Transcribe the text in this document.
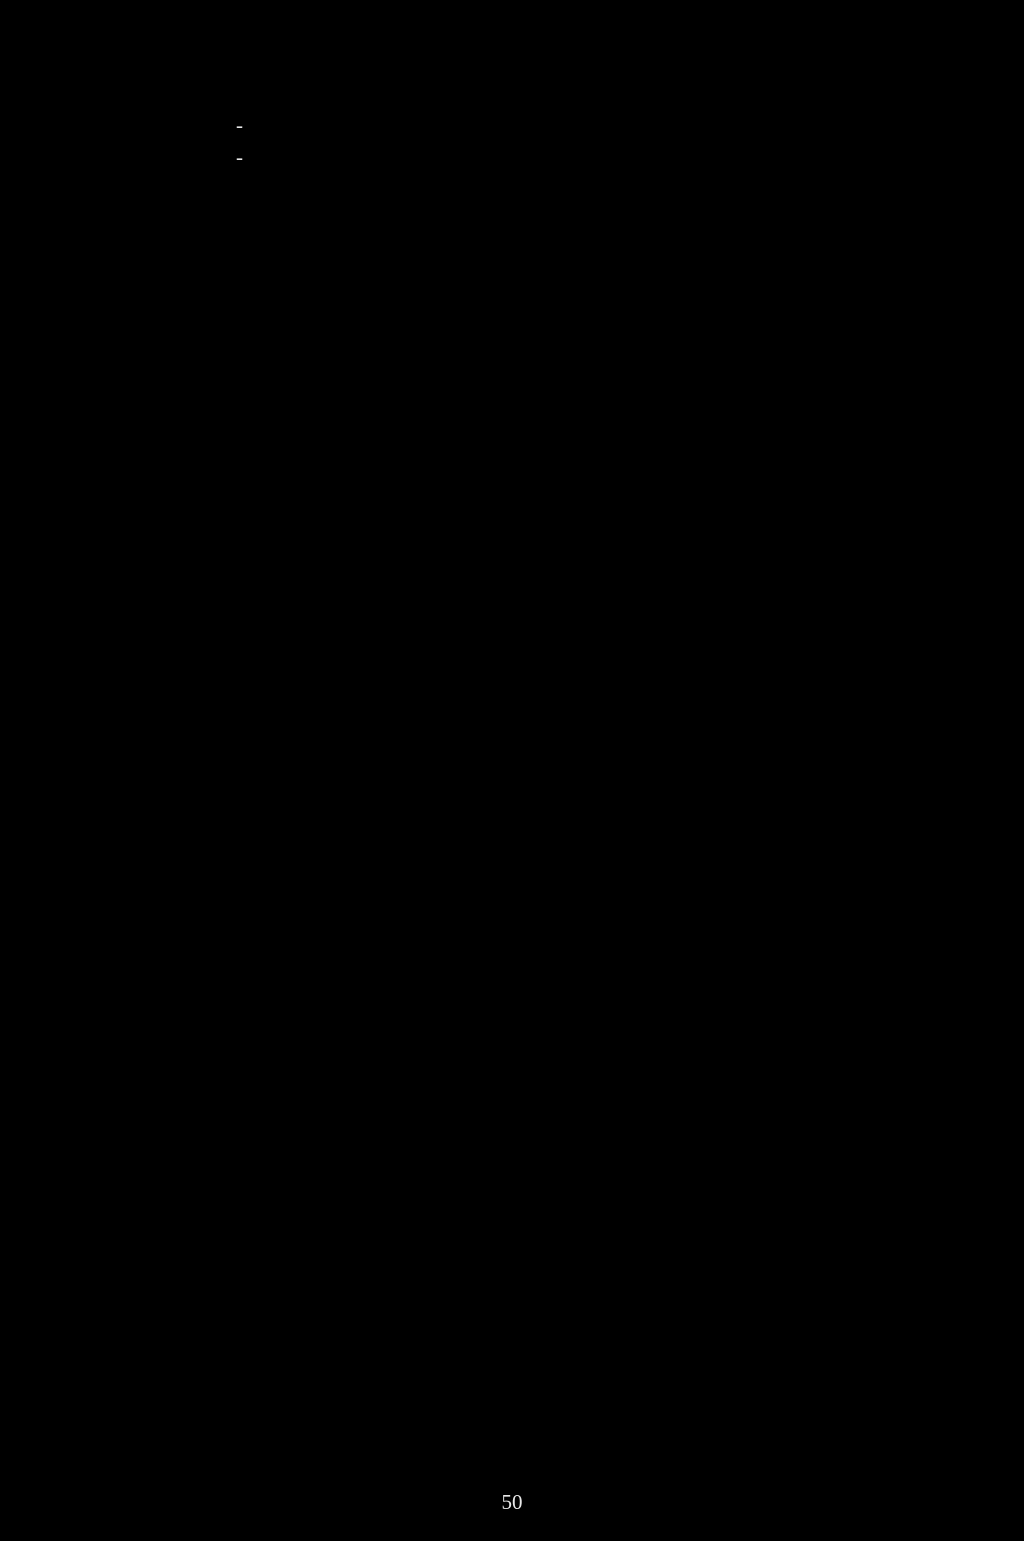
-

-
50
